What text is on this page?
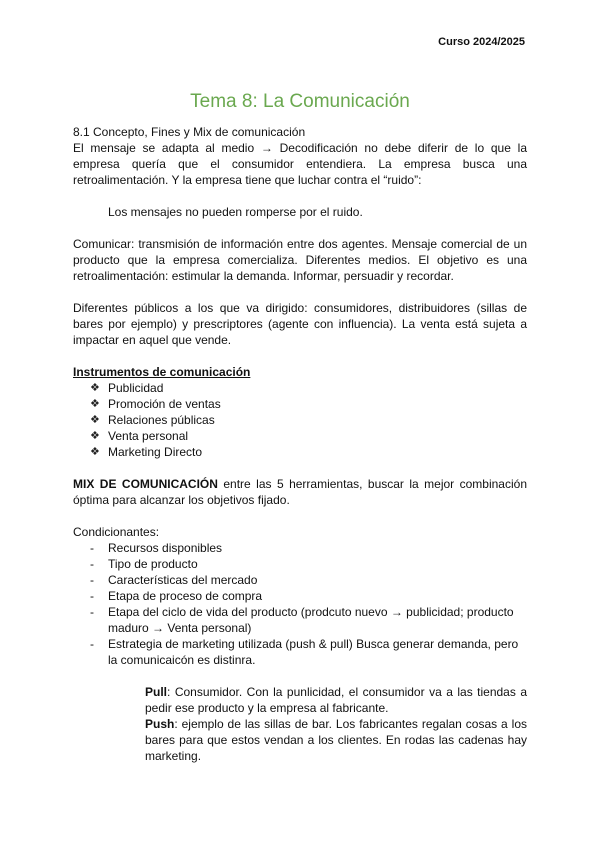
Curso 2024/2025
Tema 8: La Comunicación

8.1 Concepto, Fines y Mix de comunicación

El mensaje se adapta al medio → Decodificación no debe diferir de lo que la empresa quería que el consumidor entendiera. La empresa busca una retroalimentación. Y la empresa tiene que luchar contra el “ruido”:

Los mensajes no pueden romperse por el ruido.

Comunicar: transmisión de información entre dos agentes. Mensaje comercial de un producto que la empresa comercializa. Diferentes medios. El objetivo es una retroalimentación: estimular la demanda. Informar, persuadir y recordar.

Diferentes públicos a los que va dirigido: consumidores, distribuidores (sillas de bares por ejemplo) y prescriptores (agente con influencia). La venta está sujeta a impactar en aquel que vende.

Instrumentos de comunicación

❖ Publicidad
❖ Promoción de ventas
❖ Relaciones públicas
❖ Venta personal
❖ Marketing Directo

MIX DE COMUNICACIÓN entre las 5 herramientas, buscar la mejor combinación óptima para alcanzar los objetivos fijado.

Condicionantes:

- Recursos disponibles
- Tipo de producto
- Características del mercado
- Etapa de proceso de compra
- Etapa del ciclo de vida del producto (prodcuto nuevo → publicidad; producto maduro → Venta personal)
- Estrategia de marketing utilizada (push & pull) Busca generar demanda, pero la comunicaicón es distinra.

Pull: Consumidor. Con la punlicidad, el consumidor va a las tiendas a pedir ese producto y la empresa al fabricante.

Push: ejemplo de las sillas de bar. Los fabricantes regalan cosas a los bares para que estos vendan a los clientes. En rodas las cadenas hay marketing.
